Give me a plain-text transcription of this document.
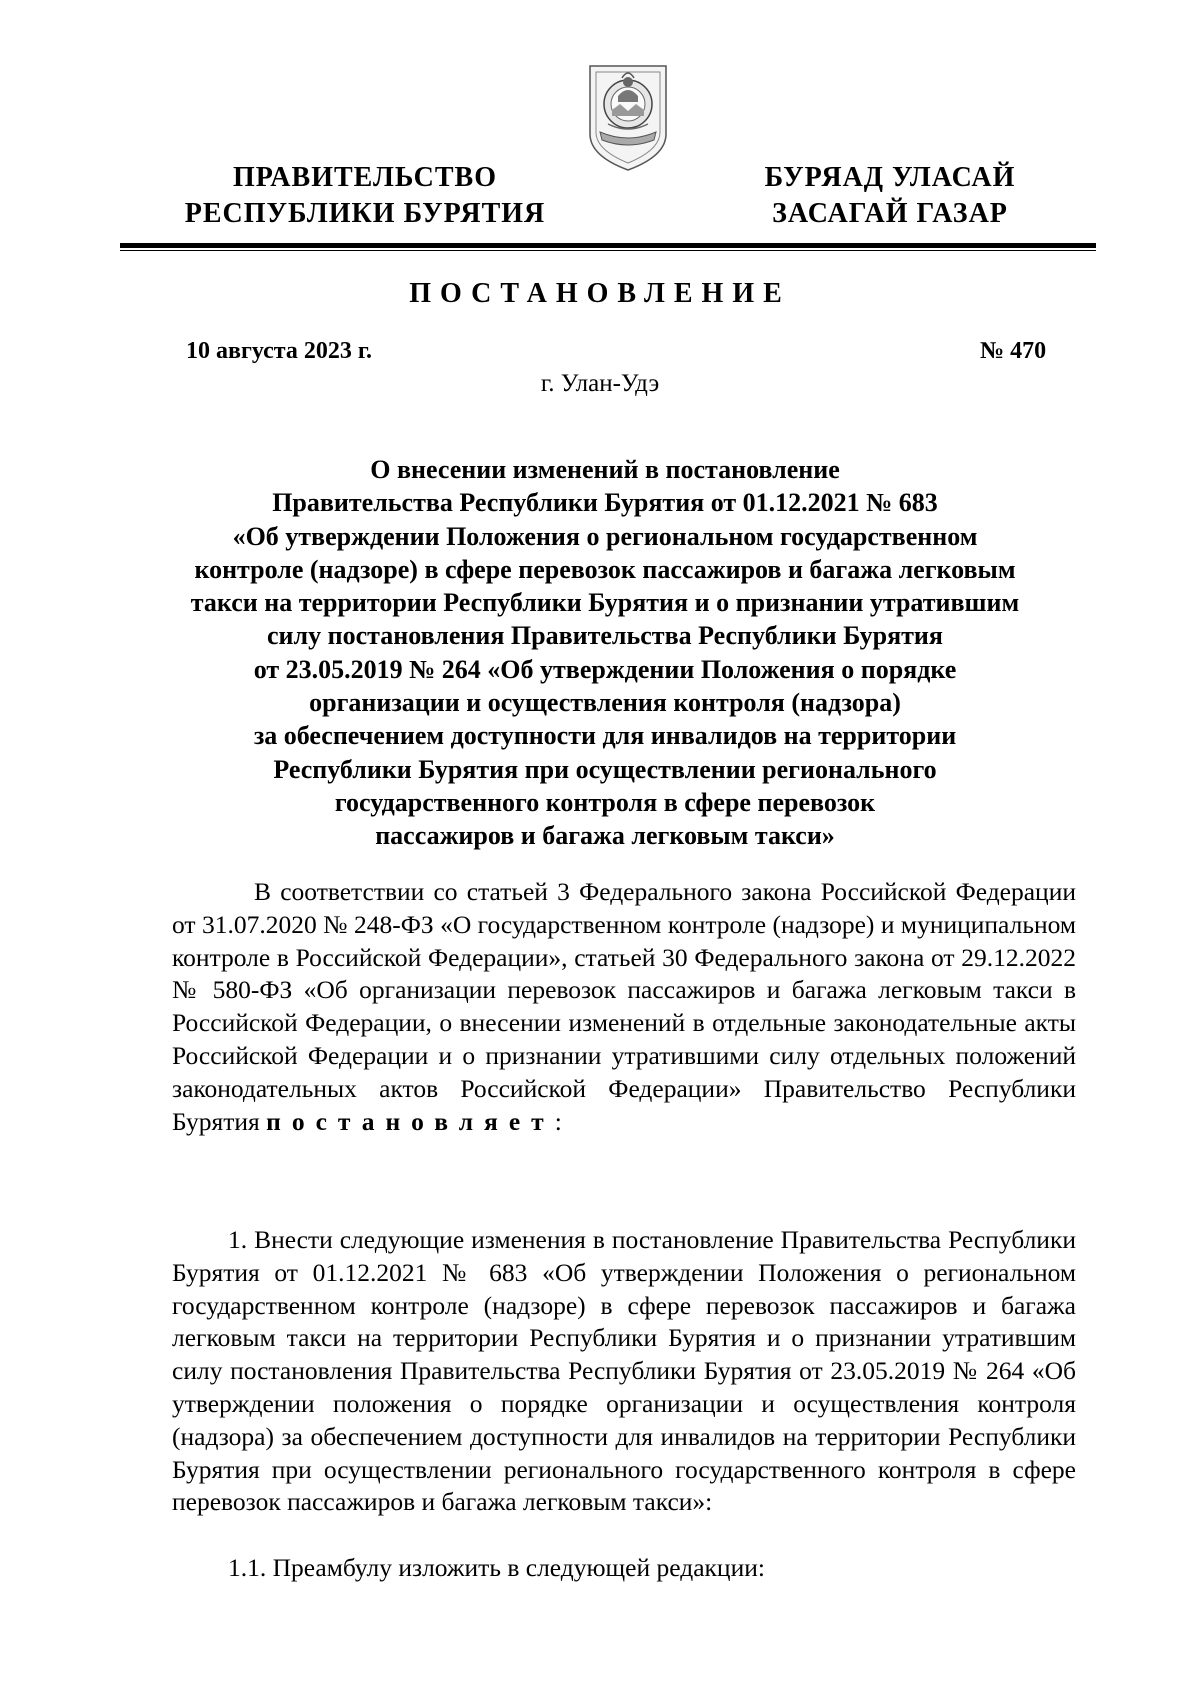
ПРАВИТЕЛЬСТВО
РЕСПУБЛИКИ БУРЯТИЯ
БУРЯАД УЛАСАЙ
ЗАСАГАЙ ГАЗАР
ПОСТАНОВЛЕНИЕ
10 августа 2023 г.	№ 470
г. Улан-Удэ
О внесении изменений в постановление
Правительства Республики Бурятия от 01.12.2021 № 683
«Об утверждении Положения о региональном государственном
контроле (надзоре) в сфере перевозок пассажиров и багажа легковым
такси на территории Республики Бурятия и о признании утратившим
силу постановления Правительства Республики Бурятия
от 23.05.2019 № 264 «Об утверждении Положения о порядке
организации и осуществления контроля (надзора)
за обеспечением доступности для инвалидов на территории
Республики Бурятия при осуществлении регионального
государственного контроля в сфере перевозок
пассажиров и багажа легковым такси»
В соответствии со статьей 3 Федерального закона Российской Федерации от 31.07.2020 № 248-ФЗ «О государственном контроле (надзоре) и муниципальном контроле в Российской Федерации», статьей 30 Федерального закона от 29.12.2022 № 580-ФЗ «Об организации перевозок пассажиров и багажа легковым такси в Российской Федерации, о внесении изменений в отдельные законодательные акты Российской Федерации и о признании утратившими силу отдельных положений законодательных актов Российской Федерации» Правительство Республики Бурятия постановляет:
1. Внести следующие изменения в постановление Правительства Республики Бурятия от 01.12.2021 № 683 «Об утверждении Положения о региональном государственном контроле (надзоре) в сфере перевозок пассажиров и багажа легковым такси на территории Республики Бурятия и о признании утратившим силу постановления Правительства Республики Бурятия от 23.05.2019 № 264 «Об утверждении положения о порядке организации и осуществления контроля (надзора) за обеспечением доступности для инвалидов на территории Республики Бурятия при осуществлении регионального государственного контроля в сфере перевозок пассажиров и багажа легковым такси»:
1.1. Преамбулу изложить в следующей редакции:
